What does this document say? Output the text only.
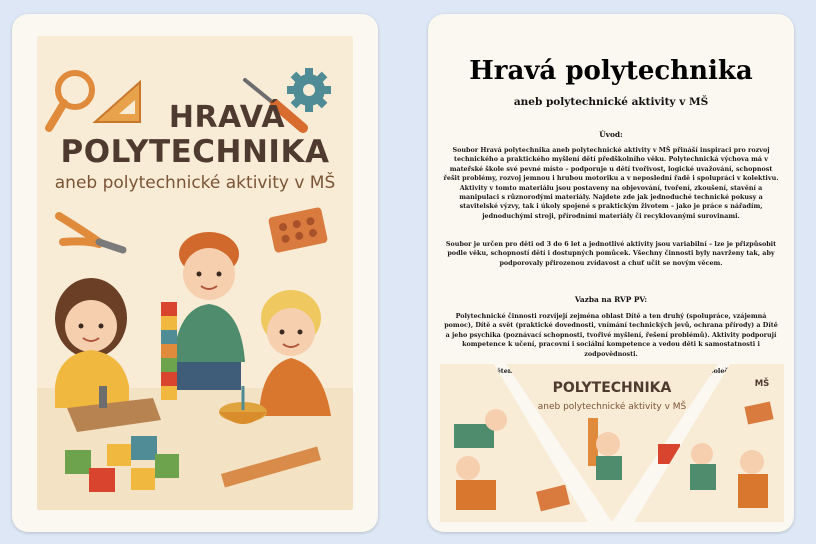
HRAVÁ
POLYTECHNIKA
aneb polytechnické aktivity v MŠ
Hravá polytechnika
aneb polytechnické aktivity v MŠ
Úvod:
Soubor Hravá polytechnika aneb polytechnické aktivity v MŠ přináší inspiraci pro rozvoj technického a praktického myšlení dětí předškolního věku. Polytechnická výchova má v mateřské škole své pevné místo – podporuje u dětí tvořivost, logické uvažování, schopnost řešit problémy, rozvoj jemnou i hrubou motoriku a v neposlední řadě i spolupráci v kolektivu. Aktivity v tomto materiálu jsou postaveny na objevování, tvoření, zkoušení, stavění a manipulaci s různorodými materiály. Najdete zde jak jednoduché technické pokusy a stavitelské výzvy, tak i úkoly spojené s praktickým životem – jako je práce s nářadím, jednoduchými stroji, přírodními materiály či recyklovanými surovinami.
Soubor je určen pro děti od 3 do 6 let a jednotlivé aktivity jsou variabilní – lze je přizpůsobit podle věku, schopností dětí i dostupných pomůcek. Všechny činnosti byly navrženy tak, aby podporovaly přirozenou zvídavost a chuť učit se novým věcem.
Vazba na RVP PV:
Polytechnické činnosti rozvíjejí zejména oblast Dítě a ten druhý (spolupráce, vzájemná pomoc), Dítě a svět (praktické dovednosti, vnímání technických jevů, ochrana přírody) a Dítě a jeho psychika (poznávací schopnosti, tvořivé myšlení, řešení problémů). Aktivity podporují kompetence k učení, pracovní i sociální kompetence a vedou děti k samostatnosti i zodpovědnosti.
dětem společné
POLYTECHNIKA
aneb polytechnické aktivity v MŠ
MŠ
